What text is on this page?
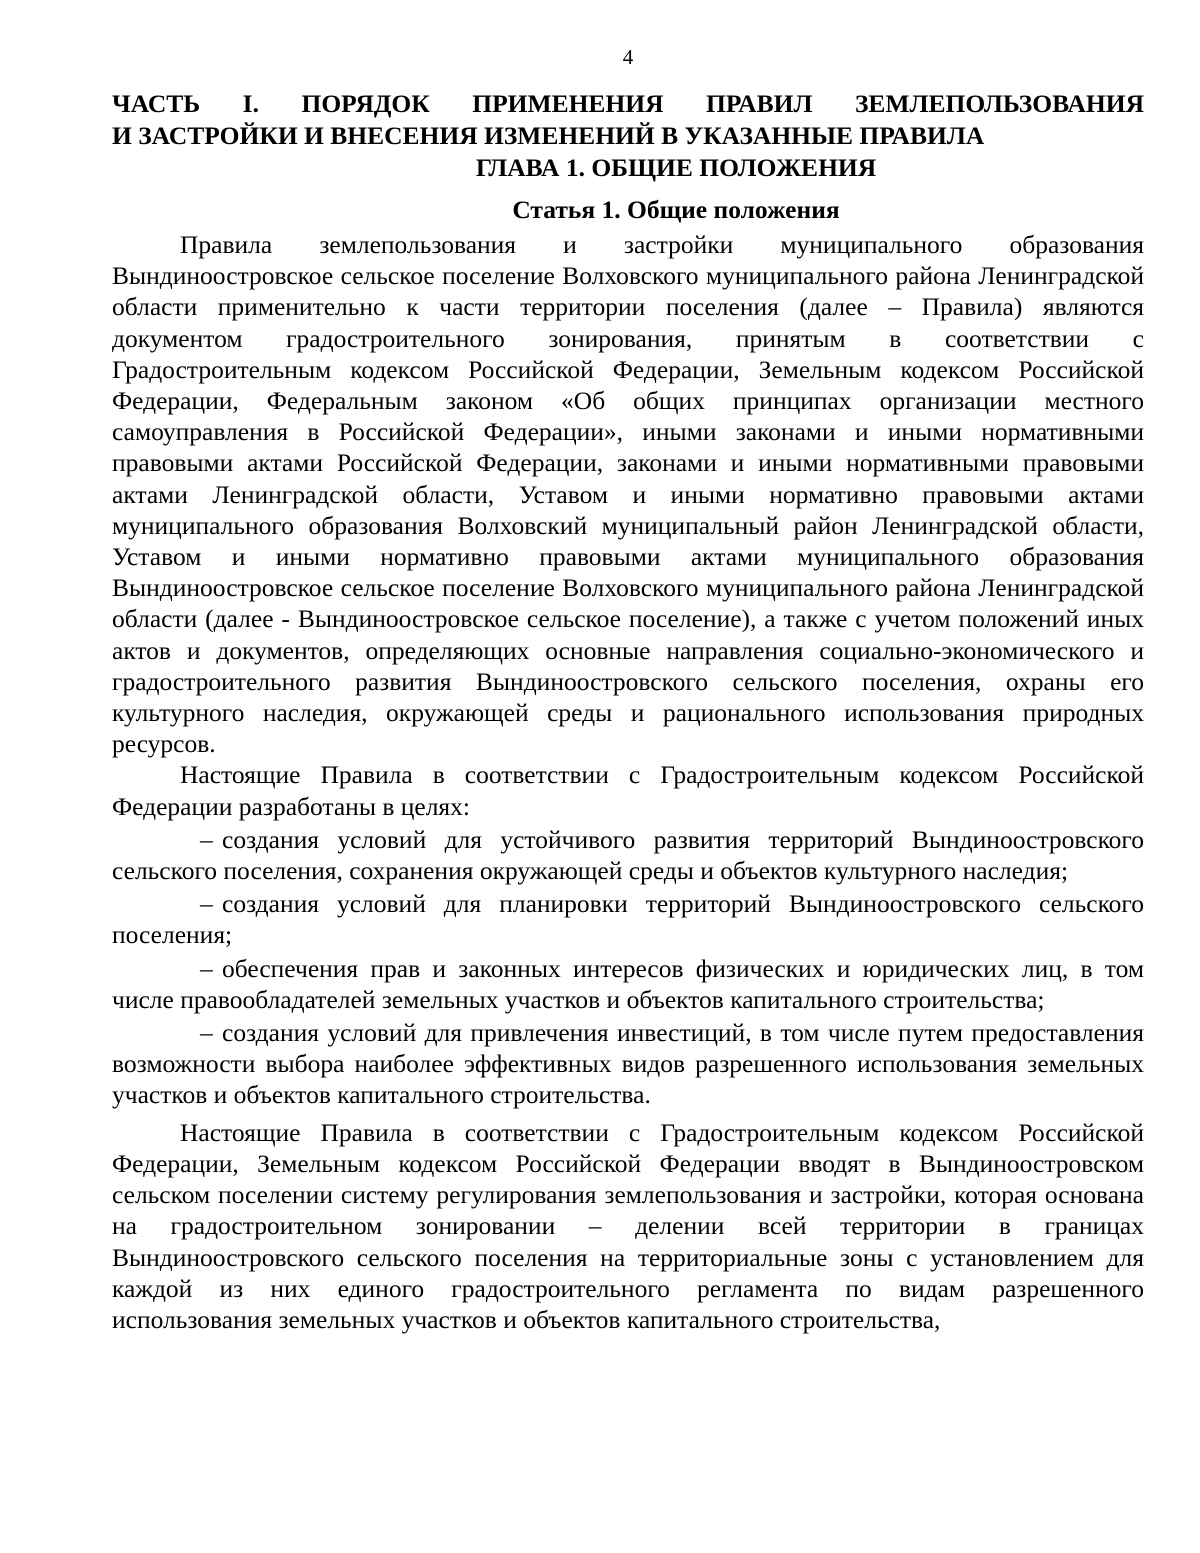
4
ЧАСТЬ I. ПОРЯДОК ПРИМЕНЕНИЯ ПРАВИЛ ЗЕМЛЕПОЛЬЗОВАНИЯ
И ЗАСТРОЙКИ И ВНЕСЕНИЯ ИЗМЕНЕНИЙ В УКАЗАННЫЕ ПРАВИЛА
ГЛАВА 1. ОБЩИЕ ПОЛОЖЕНИЯ
Статья 1. Общие положения

Правила землепользования и застройки муниципального образования Вындиноостровское сельское поселение Волховского муниципального района Ленинградской области применительно к части территории поселения (далее – Правила) являются документом градостроительного зонирования, принятым в соответствии с Градостроительным кодексом Российской Федерации, Земельным кодексом Российской Федерации, Федеральным законом «Об общих принципах организации местного самоуправления в Российской Федерации», иными законами и иными нормативными правовыми актами Российской Федерации, законами и иными нормативными правовыми актами Ленинградской области, Уставом и иными нормативно правовыми актами муниципального образования Волховский муниципальный район Ленинградской области, Уставом и иными нормативно правовыми актами муниципального образования Вындиноостровское сельское поселение Волховского муниципального района Ленинградской области (далее - Вындиноостровское сельское поселение), а также с учетом положений иных актов и документов, определяющих основные направления социально-экономического и градостроительного развития Вындиноостровского сельского поселения, охраны его культурного наследия, окружающей среды и рационального использования природных ресурсов.

Настоящие Правила в соответствии с Градостроительным кодексом Российской Федерации разработаны в целях:

– создания условий для устойчивого развития территорий Вындиноостровского сельского поселения, сохранения окружающей среды и объектов культурного наследия;
– создания условий для планировки территорий Вындиноостровского сельского поселения;
– обеспечения прав и законных интересов физических и юридических лиц, в том числе правообладателей земельных участков и объектов капитального строительства;
– создания условий для привлечения инвестиций, в том числе путем предоставления возможности выбора наиболее эффективных видов разрешенного использования земельных участков и объектов капитального строительства.

Настоящие Правила в соответствии с Градостроительным кодексом Российской Федерации, Земельным кодексом Российской Федерации вводят в Вындиноостровском сельском поселении систему регулирования землепользования и застройки, которая основана на градостроительном зонировании – делении всей территории в границах Вындиноостровского сельского поселения на территориальные зоны с установлением для каждой из них единого градостроительного регламента по видам разрешенного использования земельных участков и объектов капитального строительства,
